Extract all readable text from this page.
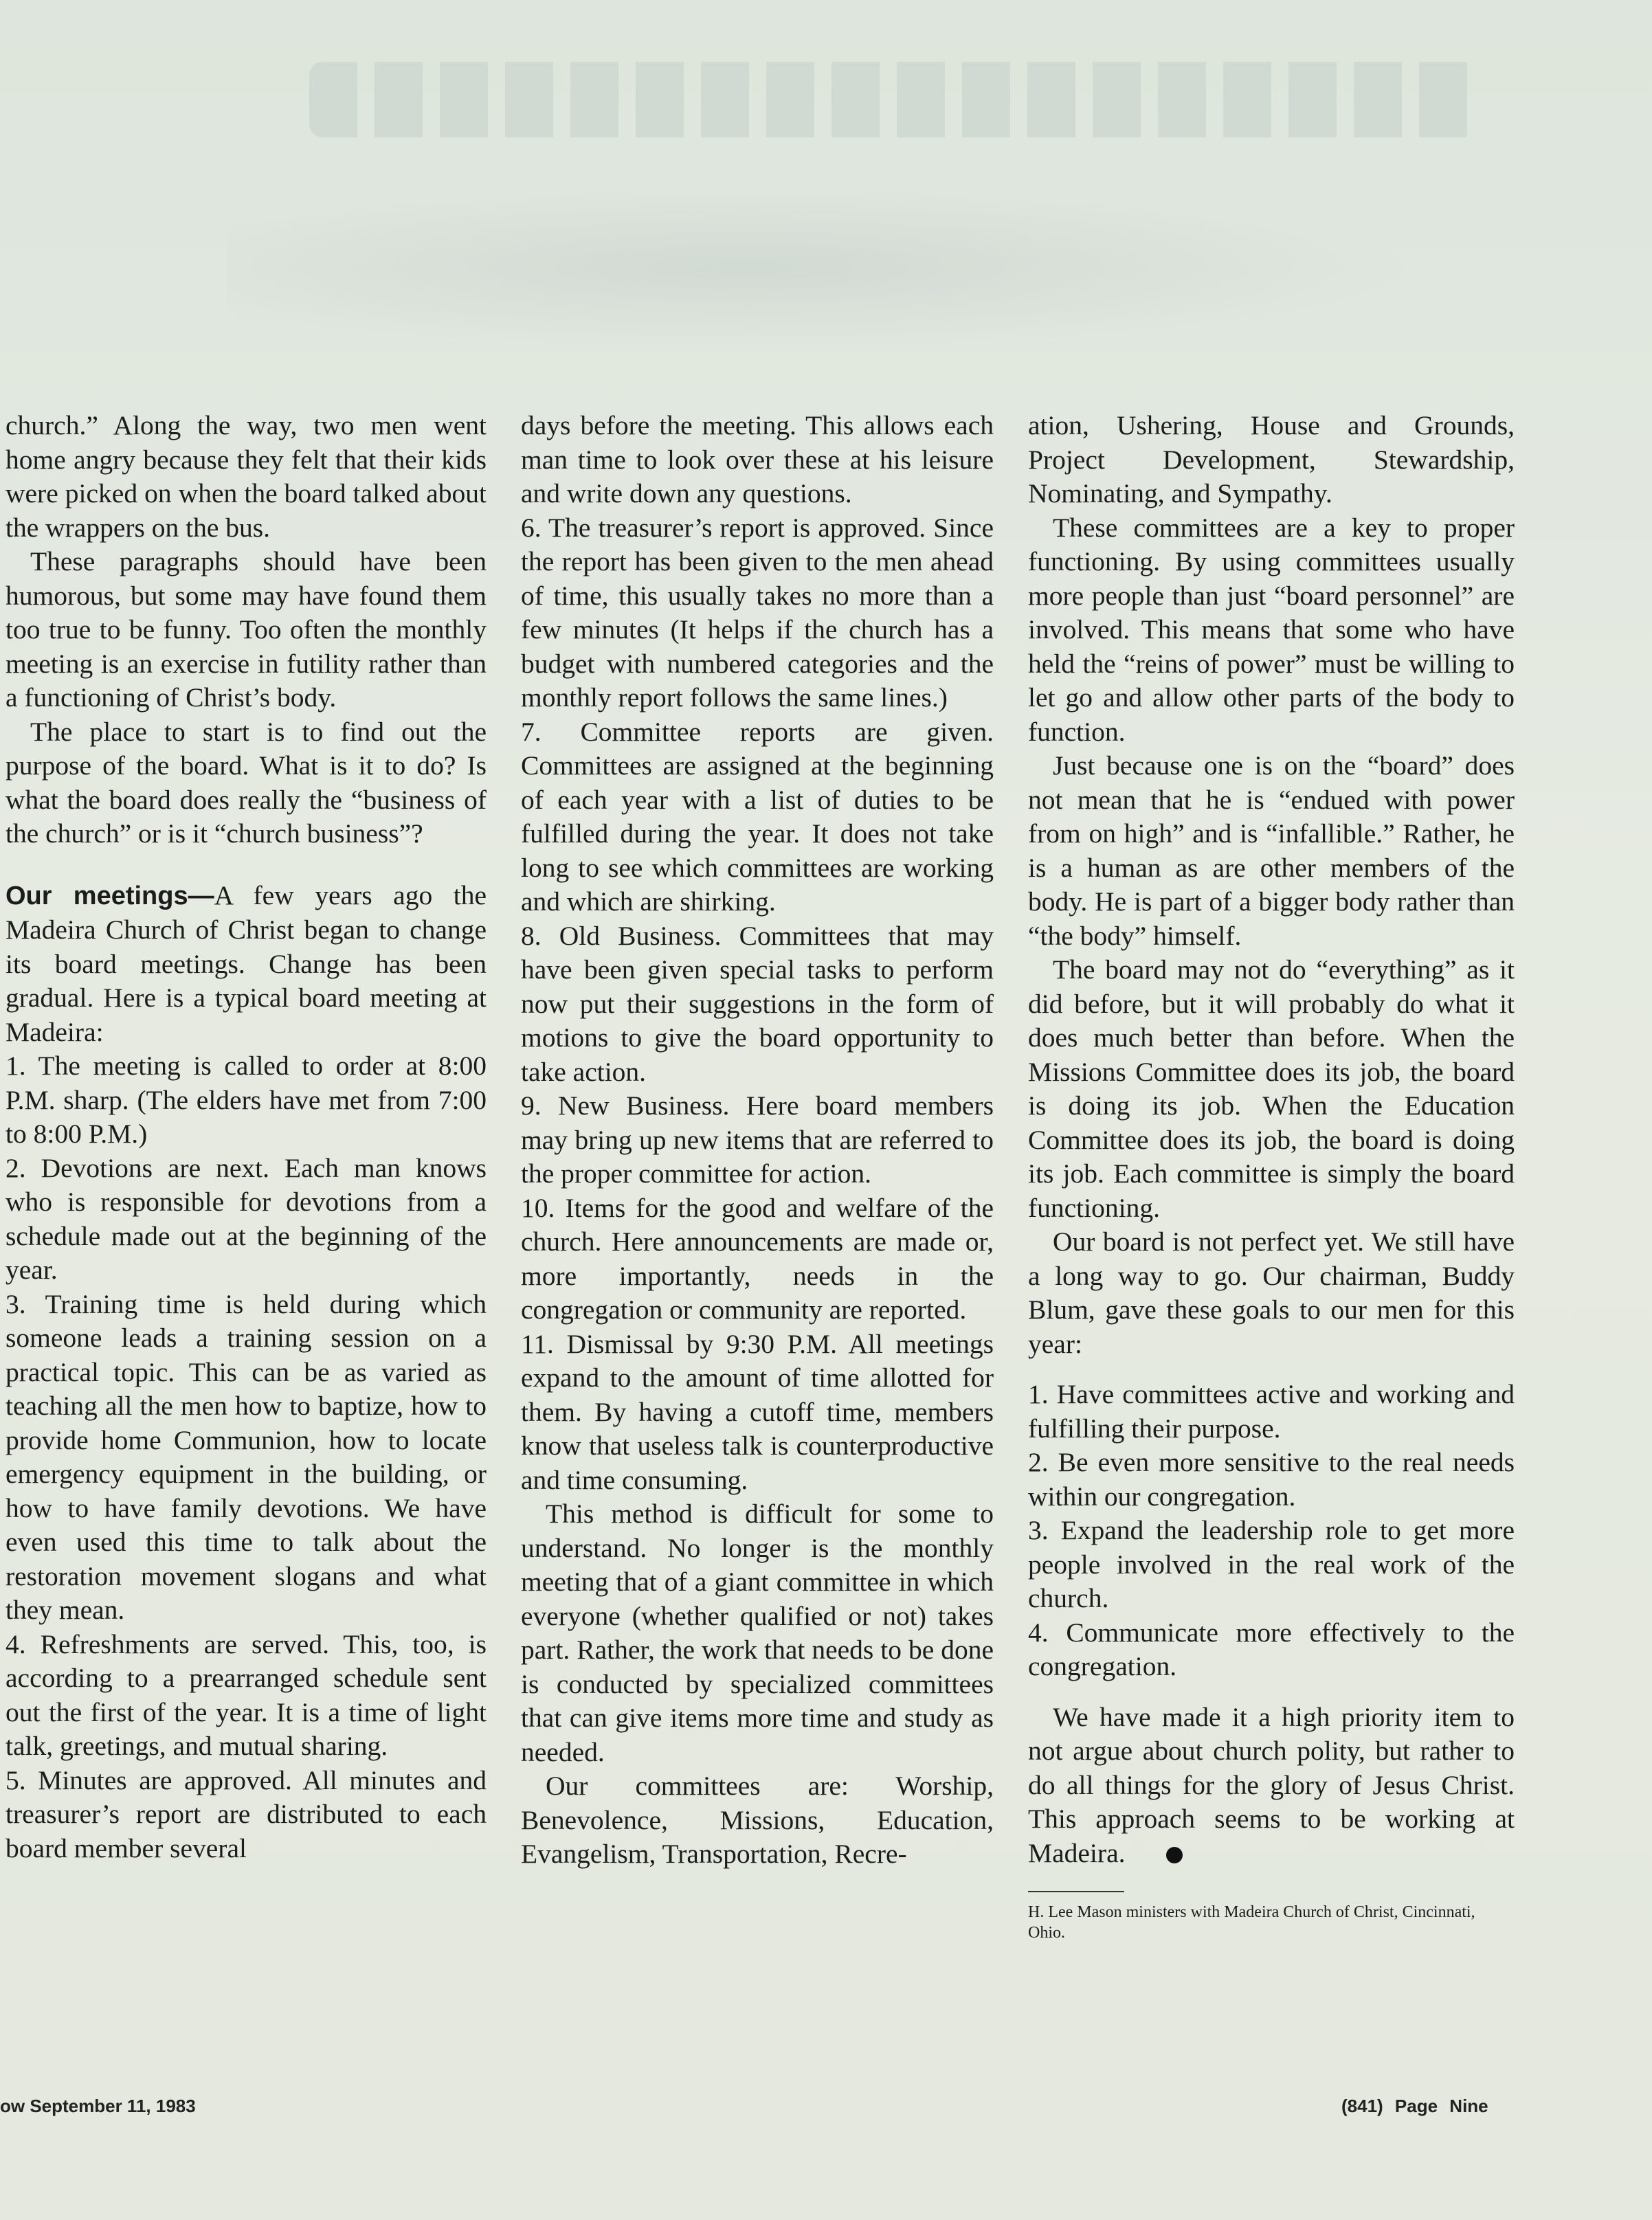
church.” Along the way, two men went home angry because they felt that their kids were picked on when the board talked about the wrappers on the bus.

These paragraphs should have been humorous, but some may have found them too true to be funny. Too often the monthly meeting is an exercise in futility rather than a functioning of Christ’s body.

The place to start is to find out the purpose of the board. What is it to do? Is what the board does really the “business of the church” or is it “church business”?

Our meetings—A few years ago the Madeira Church of Christ began to change its board meetings. Change has been gradual. Here is a typical board meeting at Madeira:

1. The meeting is called to order at 8:00 P.M. sharp. (The elders have met from 7:00 to 8:00 P.M.)

2. Devotions are next. Each man knows who is responsible for devotions from a schedule made out at the beginning of the year.

3. Training time is held during which someone leads a training session on a practical topic. This can be as varied as teaching all the men how to baptize, how to provide home Communion, how to locate emergency equipment in the building, or how to have family devotions. We have even used this time to talk about the restoration movement slogans and what they mean.

4. Refreshments are served. This, too, is according to a prearranged schedule sent out the first of the year. It is a time of light talk, greetings, and mutual sharing.

5. Minutes are approved. All minutes and treasurer’s report are distributed to each board member several

days before the meeting. This allows each man time to look over these at his leisure and write down any questions.

6. The treasurer’s report is approved. Since the report has been given to the men ahead of time, this usually takes no more than a few minutes (It helps if the church has a budget with numbered categories and the monthly report follows the same lines.)

7. Committee reports are given. Committees are assigned at the beginning of each year with a list of duties to be fulfilled during the year. It does not take long to see which committees are working and which are shirking.

8. Old Business. Committees that may have been given special tasks to perform now put their suggestions in the form of motions to give the board opportunity to take action.

9. New Business. Here board members may bring up new items that are referred to the proper committee for action.

10. Items for the good and welfare of the church. Here announcements are made or, more importantly, needs in the congregation or community are reported.

11. Dismissal by 9:30 P.M. All meetings expand to the amount of time allotted for them. By having a cutoff time, members know that useless talk is counterproductive and time consuming.

This method is difficult for some to understand. No longer is the monthly meeting that of a giant committee in which everyone (whether qualified or not) takes part. Rather, the work that needs to be done is conducted by specialized committees that can give items more time and study as needed.

Our committees are: Worship, Benevolence, Missions, Education, Evangelism, Transportation, Recre-

ation, Ushering, House and Grounds, Project Development, Stewardship, Nominating, and Sympathy.

These committees are a key to proper functioning. By using committees usually more people than just “board personnel” are involved. This means that some who have held the “reins of power” must be willing to let go and allow other parts of the body to function.

Just because one is on the “board” does not mean that he is “endued with power from on high” and is “infallible.” Rather, he is a human as are other members of the body. He is part of a bigger body rather than “the body” himself.

The board may not do “everything” as it did before, but it will probably do what it does much better than before. When the Missions Committee does its job, the board is doing its job. When the Education Committee does its job, the board is doing its job. Each committee is simply the board functioning.

Our board is not perfect yet. We still have a long way to go. Our chairman, Buddy Blum, gave these goals to our men for this year:

1. Have committees active and working and fulfilling their purpose.

2. Be even more sensitive to the real needs within our congregation.

3. Expand the leadership role to get more people involved in the real work of the church.

4. Communicate more effectively to the congregation.

We have made it a high priority item to not argue about church polity, but rather to do all things for the glory of Jesus Christ. This approach seems to be working at Madeira.

H. Lee Mason ministers with Madeira Church of Christ, Cincinnati, Ohio.

ow September 11, 1983	(841) Page Nine
